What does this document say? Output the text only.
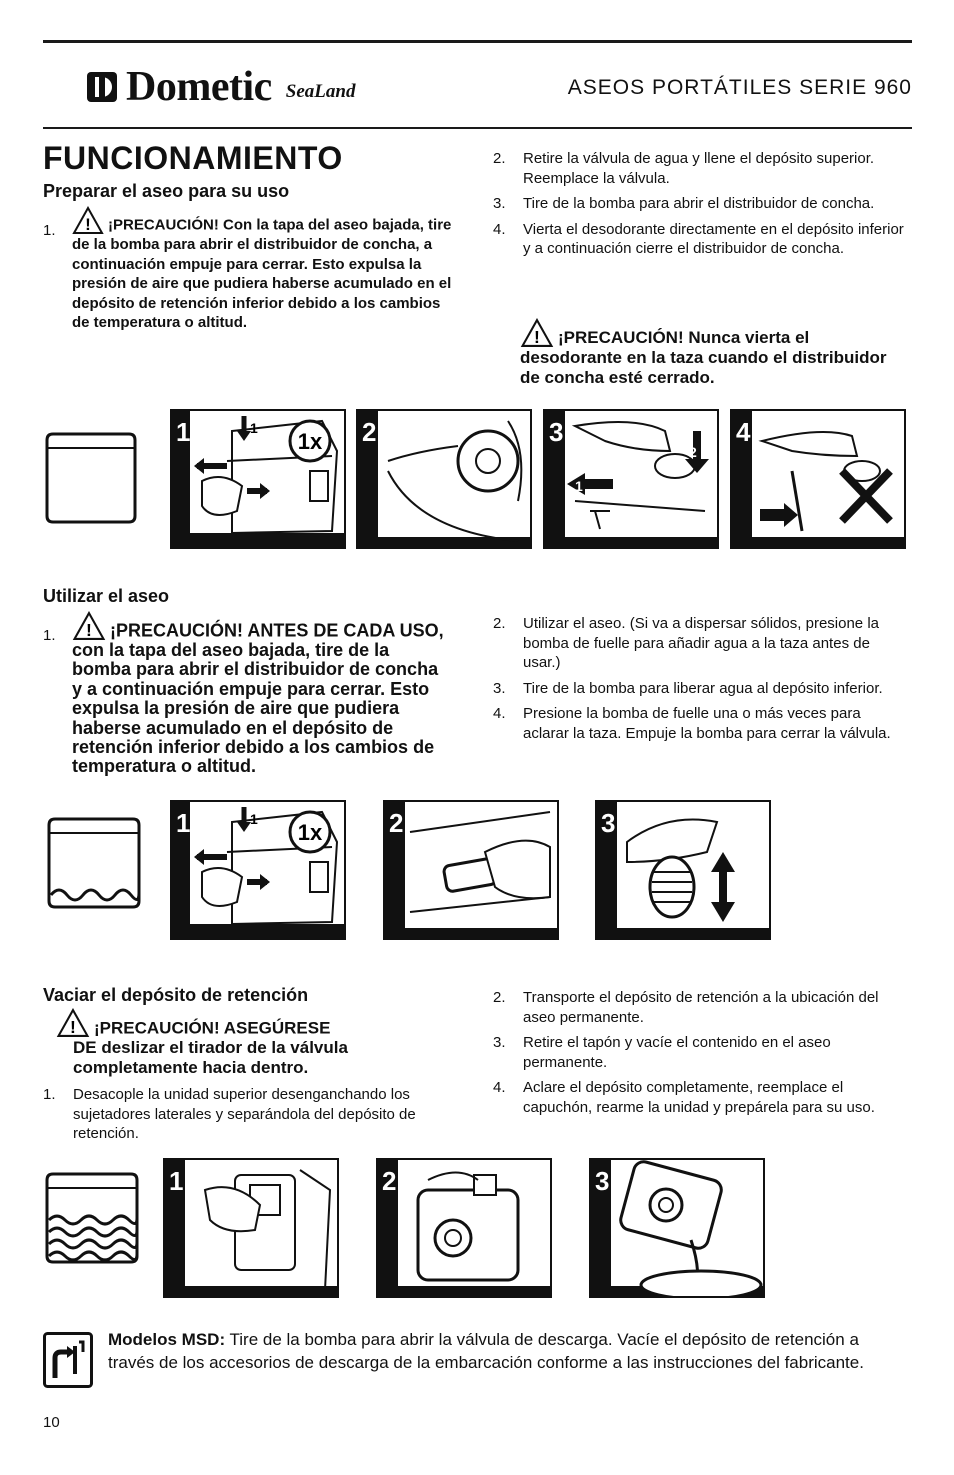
Dometic SeaLand	ASEOS PORTÁTILES SERIE 960
FUNCIONAMIENTO
Preparar el aseo para su uso
1. ! ¡PRECAUCIÓN! Con la tapa del aseo bajada, tire de la bomba para abrir el distribuidor de concha, a continuación empuje para cerrar. Esto expulsa la presión de aire que pudiera haberse acumulado en el depósito de retención inferior debido a los cambios de temperatura o altitud.
2. Retire la válvula de agua y llene el depósito superior. Reemplace la válvula.
3. Tire de la bomba para abrir el distribuidor de concha.
4. Vierta el desodorante directamente en el depósito inferior y a continuación cierre el distribuidor de concha.
! ¡PRECAUCIÓN! Nunca vierta el desodorante en la taza cuando el distribuidor de concha esté cerrado.
1x
1
1	2
2
1
3	4
Utilizar el aseo
1. ! ¡PRECAUCIÓN! ANTES DE CADA USO, con la tapa del aseo bajada, tire de la bomba para abrir el distribuidor de concha y a continuación empuje para cerrar. Esto expulsa la presión de aire que pudiera haberse acumulado en el depósito de retención inferior debido a los cambios de temperatura o altitud.
2. Utilizar el aseo. (Si va a dispersar sólidos, presione la bomba de fuelle para añadir agua a la taza antes de usar.)
3. Tire de la bomba para liberar agua al depósito inferior.
4. Presione la bomba de fuelle una o más veces para aclarar la taza. Empuje la bomba para cerrar la válvula.
1x
1
1	2	3
Vaciar el depósito de retención
! ¡PRECAUCIÓN! ASEGÚRESE
DE deslizar el tirador de la válvula completamente hacia dentro.
1. Desacople la unidad superior desenganchando los sujetadores laterales y separándola del depósito de retención.
2. Transporte el depósito de retención a la ubicación del aseo permanente.
3. Retire el tapón y vacíe el contenido en el aseo permanente.
4. Aclare el depósito completamente, reemplace el capuchón, rearme la unidad y prepárela para su uso.
1	2	3
Modelos MSD: Tire de la bomba para abrir la válvula de descarga. Vacíe el depósito de retención a través de los accesorios de descarga de la embarcación conforme a las instrucciones del fabricante.
10
